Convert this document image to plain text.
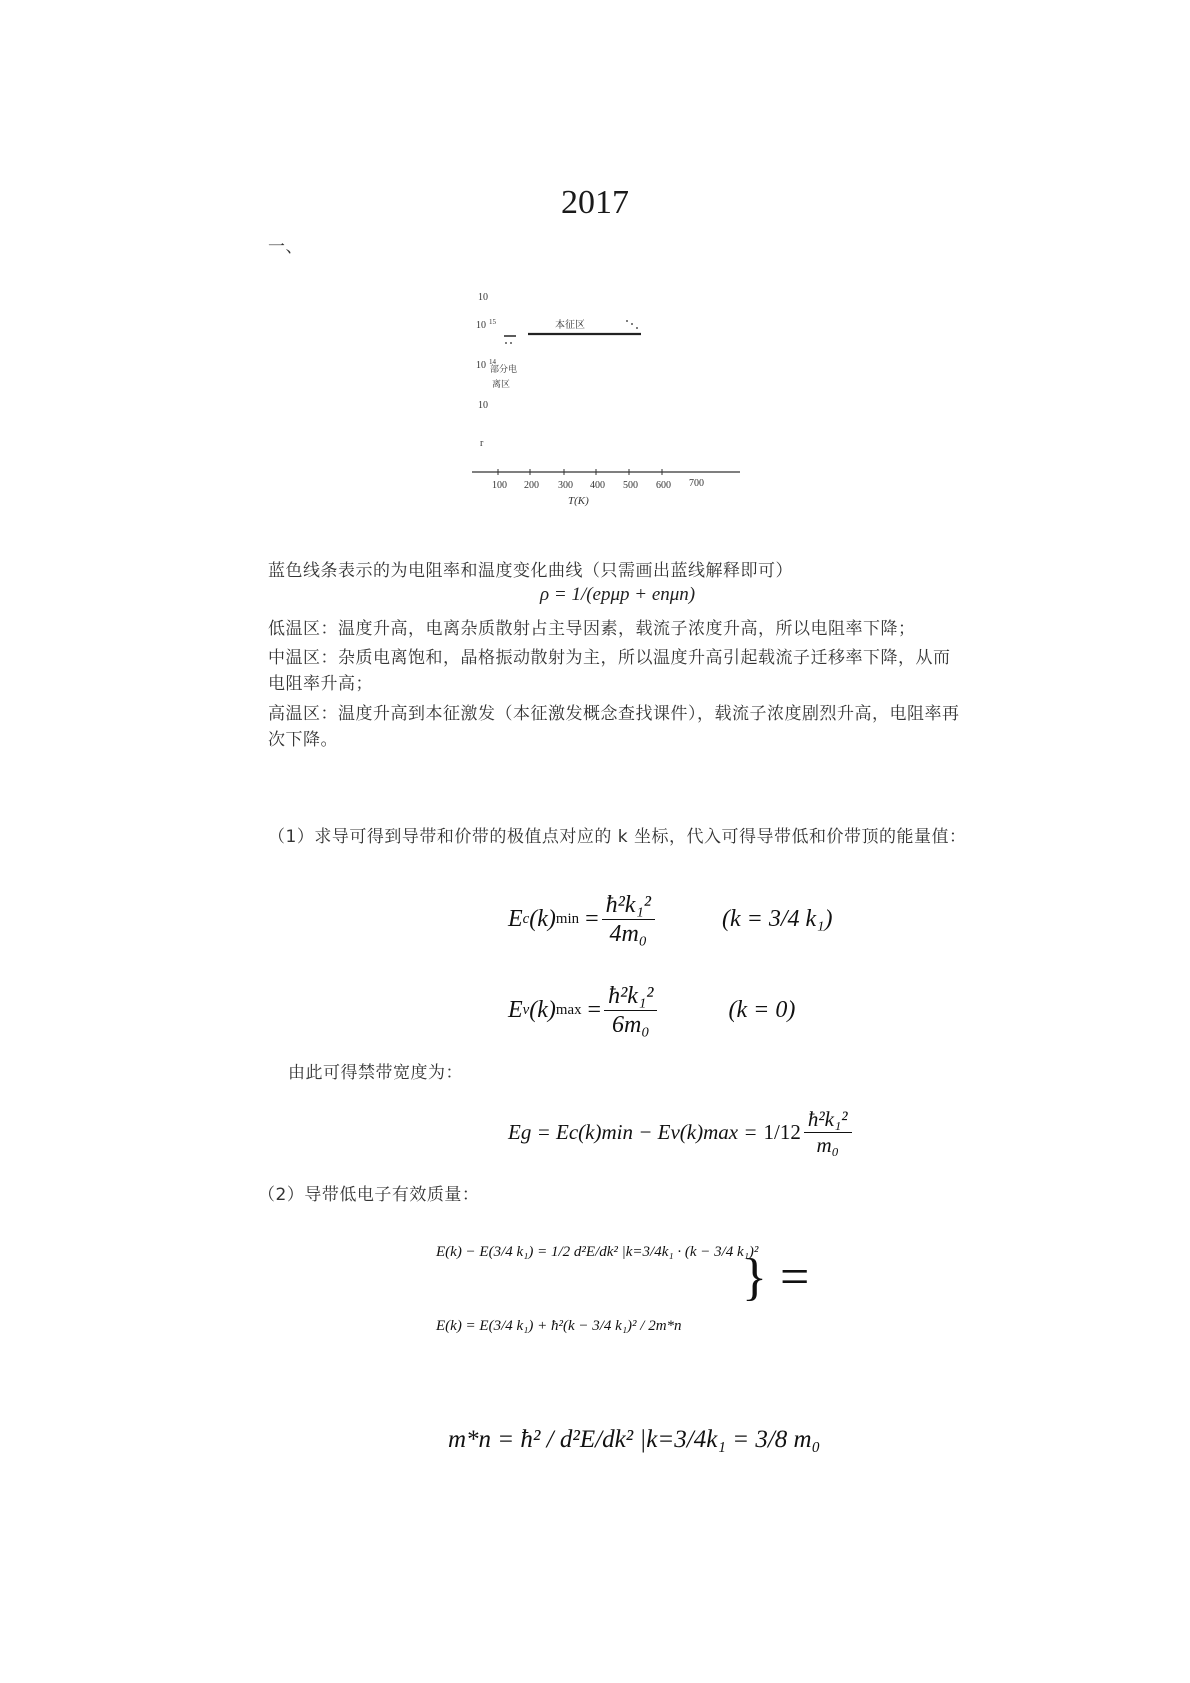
2017
一、
10
10
10
10
r
15
14
本征区
部分电
离区
100 200 300 400 500 600 700
T(K)
蓝色线条表示的为电阻率和温度变化曲线（只需画出蓝线解释即可）
ρ = 1/(epμp + enμn)
低温区：温度升高，电离杂质散射占主导因素，载流子浓度升高，所以电阻率下降；
中温区：杂质电离饱和，晶格振动散射为主，所以温度升高引起载流子迁移率下降，从而
电阻率升高；
高温区：温度升高到本征激发（本征激发概念查找课件），载流子浓度剧烈升高，电阻率再
次下降。
（1）求导可得到导带和价带的极值点对应的 k 坐标，代入可得导带低和价带顶的能量值：
E c (k) $\min = \frac{\text{ħ²k₁²}}{\text{4m₀}}$	(k = 3/4 k₁)
E v (k) $\max = \frac{\text{ħ²k₁²}}{\text{6m₀}}$	(k = 0)
由此可得禁带宽度为：
$Eg = Ec(k)\min - Ev(k)\max = 1/12 \frac{\text{ħ²k₁²}}{\text{m₀}}$
（2）导带低电子有效质量：
E(k) − E(3/4 k₁) = 1/2 d²E/dk² |k=3/4k₁ · (k − 3/4 k₁)²
E(k) = E(3/4 k₁) + ħ²(k − 3/4 k₁)² / 2m*n
} =
m*n = ħ² / d²E/dk² |k=3/4k₁ = 3/8 m₀
